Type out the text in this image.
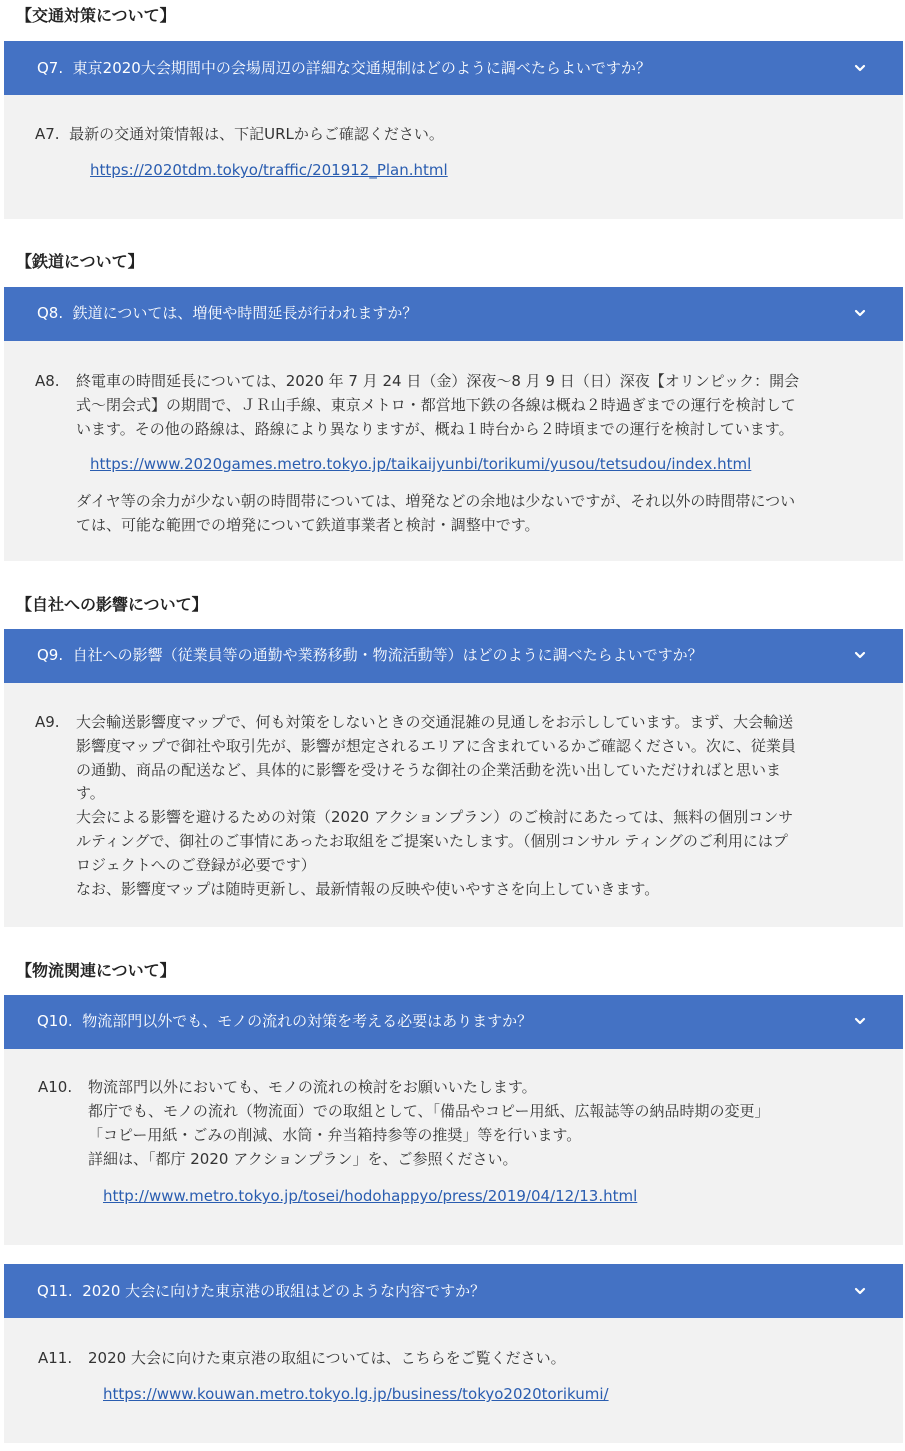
【交通対策について】
Q7. 東京2020大会期間中の会場周辺の詳細な交通規制はどのように調べたらよいですか？
A7. 最新の交通対策情報は、下記URLからご確認ください。
https://2020tdm.tokyo/traffic/201912_Plan.html
【鉄道について】
Q8. 鉄道については、増便や時間延長が行われますか？
A8. 終電車の時間延長については、2020 年 7 月 24 日（金）深夜～8 月 9 日（日）深夜【オリンピック：開会
式～閉会式】の期間で、ＪＲ山手線、東京メトロ・都営地下鉄の各線は概ね２時過ぎまでの運行を検討して
います。その他の路線は、路線により異なりますが、概ね１時台から２時頃までの運行を検討しています。
https://www.2020games.metro.tokyo.jp/taikaijyunbi/torikumi/yusou/tetsudou/index.html
ダイヤ等の余力が少ない朝の時間帯については、増発などの余地は少ないですが、それ以外の時間帯につい
ては、可能な範囲での増発について鉄道事業者と検討・調整中です。
【自社への影響について】
Q9. 自社への影響（従業員等の通勤や業務移動・物流活動等）はどのように調べたらよいですか？
A9. 大会輸送影響度マップで、何も対策をしないときの交通混雑の見通しをお示ししています。まず、大会輸送
影響度マップで御社や取引先が、影響が想定されるエリアに含まれているかご確認ください。次に、従業員
の通勤、商品の配送など、具体的に影響を受けそうな御社の企業活動を洗い出していただければと思いま
す。
大会による影響を避けるための対策（2020 アクションプラン）のご検討にあたっては、無料の個別コンサ
ルティングで、御社のご事情にあったお取組をご提案いたします。（個別コンサル ティングのご利用にはプ
ロジェクトへのご登録が必要です）
なお、影響度マップは随時更新し、最新情報の反映や使いやすさを向上していきます。
【物流関連について】
Q10. 物流部門以外でも、モノの流れの対策を考える必要はありますか？
A10. 物流部門以外においても、モノの流れの検討をお願いいたします。
都庁でも、モノの流れ（物流面）での取組として、「備品やコピー用紙、広報誌等の納品時期の変更」
「コピー用紙・ごみの削減、水筒・弁当箱持参等の推奨」等を行います。
詳細は、「都庁 2020 アクションプラン」を、ご参照ください。
http://www.metro.tokyo.jp/tosei/hodohappyo/press/2019/04/12/13.html
Q11. 2020 大会に向けた東京港の取組はどのような内容ですか？
A11. 2020 大会に向けた東京港の取組については、こちらをご覧ください。
https://www.kouwan.metro.tokyo.lg.jp/business/tokyo2020torikumi/
